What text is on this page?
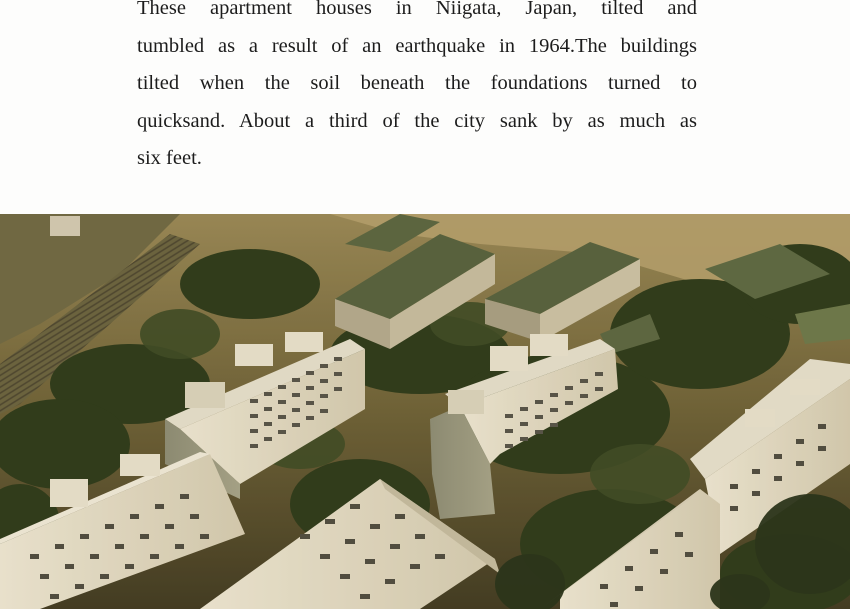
These apartment houses in Niigata, Japan, tilted and
tumbled as a result of an earthquake in 1964.The buildings
tilted when the soil beneath the foundations turned to
quicksand. About a third of the city sank by as much as
six feet.
